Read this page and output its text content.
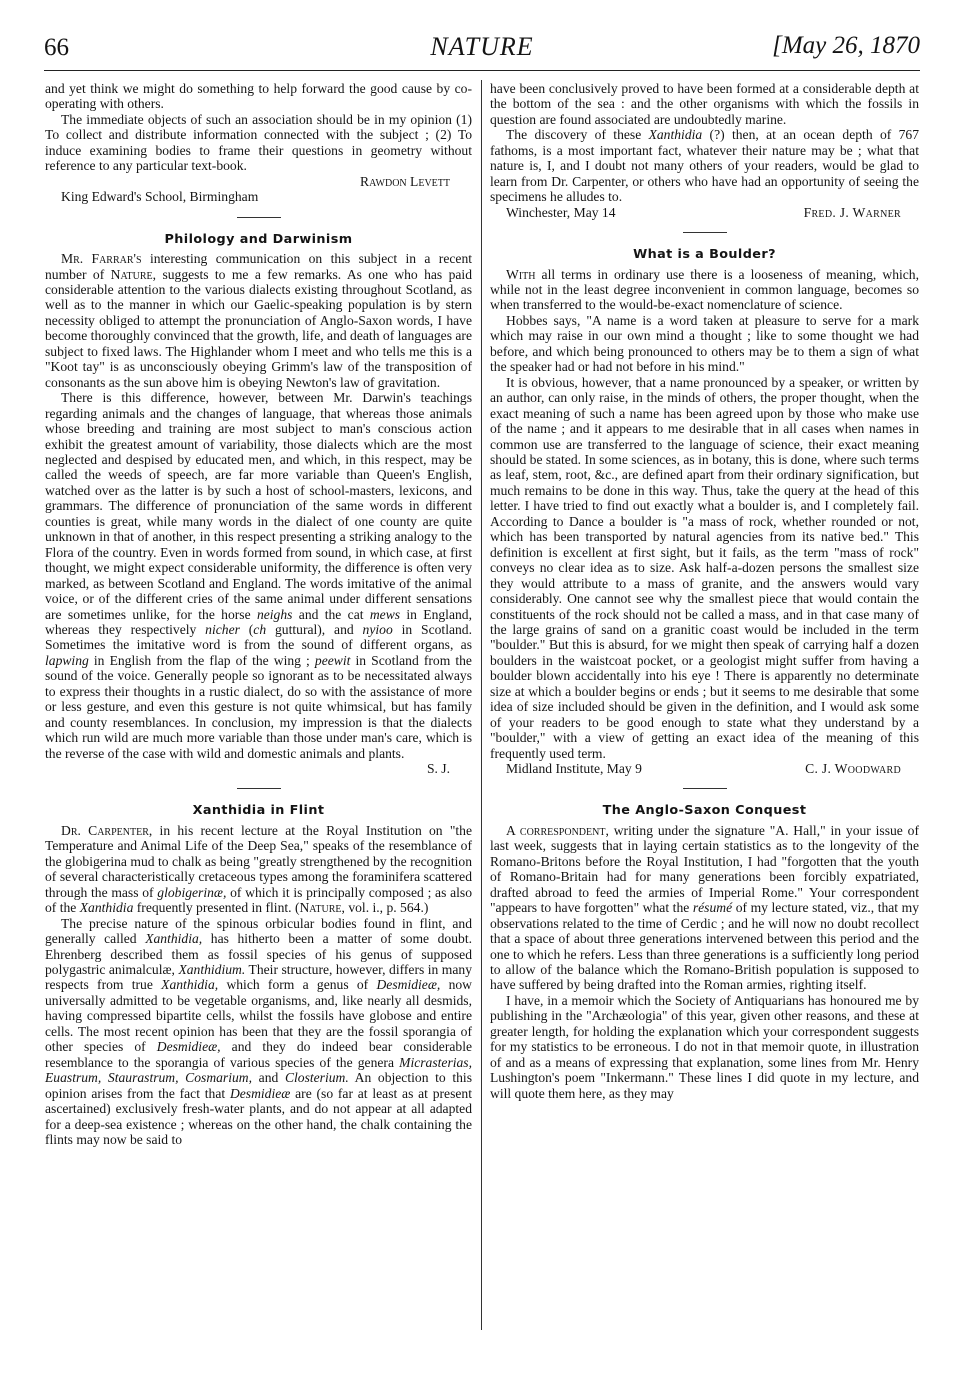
66	NATURE	[May 26, 1870

and yet think we might do something to help forward the good cause by co-operating with others.

The immediate objects of such an association should be in my opinion (1) To collect and distribute information connected with the subject ; (2) To induce examining bodies to frame their questions in geometry without reference to any particular text-book.

Rawdon Levett

King Edward's School, Birmingham

Philology and Darwinism

Mr. Farrar's interesting communication on this subject in a recent number of Nature, suggests to me a few remarks. As one who has paid considerable attention to the various dialects existing throughout Scotland, as well as to the manner in which our Gaelic-speaking population is by stern necessity obliged to attempt the pronunciation of Anglo-Saxon words, I have become thoroughly convinced that the growth, life, and death of languages are subject to fixed laws. The Highlander whom I meet and who tells me this is a "Koot tay" is as unconsciously obeying Grimm's law of the transposition of consonants as the sun above him is obeying Newton's law of gravitation.

There is this difference, however, between Mr. Darwin's teachings regarding animals and the changes of language, that whereas those animals whose breeding and training are most subject to man's conscious action exhibit the greatest amount of variability, those dialects which are the most neglected and despised by educated men, and which, in this respect, may be called the weeds of speech, are far more variable than Queen's English, watched over as the latter is by such a host of school-masters, lexicons, and grammars. The difference of pronunciation of the same words in different counties is great, while many words in the dialect of one county are quite unknown in that of another, in this respect presenting a striking analogy to the Flora of the country. Even in words formed from sound, in which case, at first thought, we might expect considerable uniformity, the difference is often very marked, as between Scotland and England. The words imitative of the animal voice, or of the different cries of the same animal under different sensations are sometimes unlike, for the horse neighs and the cat mews in England, whereas they respectively nicher (ch guttural), and nyioo in Scotland. Sometimes the imitative word is from the sound of different organs, as lapwing in English from the flap of the wing ; peewit in Scotland from the sound of the voice. Generally people so ignorant as to be necessitated always to express their thoughts in a rustic dialect, do so with the assistance of more or less gesture, and even this gesture is not quite whimsical, but has family and county resemblances. In conclusion, my impression is that the dialects which run wild are much more variable than those under man's care, which is the reverse of the case with wild and domestic animals and plants.

S. J.

Xanthidia in Flint

Dr. Carpenter, in his recent lecture at the Royal Institution on "the Temperature and Animal Life of the Deep Sea," speaks of the resemblance of the globigerina mud to chalk as being "greatly strengthened by the recognition of several characteristically cretaceous types among the foraminifera scattered through the mass of globigerinæ, of which it is principally composed ; as also of the Xanthidia frequently presented in flint. (Nature, vol. i., p. 564.)

The precise nature of the spinous orbicular bodies found in flint, and generally called Xanthidia, has hitherto been a matter of some doubt. Ehrenberg described them as fossil species of his genus of supposed polygastric animalculæ, Xanthidium. Their structure, however, differs in many respects from true Xanthidia, which form a genus of Desmidieæ, now universally admitted to be vegetable organisms, and, like nearly all desmids, having compressed bipartite cells, whilst the fossils have globose and entire cells. The most recent opinion has been that they are the fossil sporangia of other species of Desmidieæ, and they do indeed bear considerable resemblance to the sporangia of various species of the genera Micrasterias, Euastrum, Staurastrum, Cosmarium, and Closterium. An objection to this opinion arises from the fact that Desmidieæ are (so far at least as at present ascertained) exclusively fresh-water plants, and do not appear at all adapted for a deep-sea existence ; whereas on the other hand, the chalk containing the flints may now be said to

have been conclusively proved to have been formed at a considerable depth at the bottom of the sea : and the other organisms with which the fossils in question are found associated are undoubtedly marine.

The discovery of these Xanthidia (?) then, at an ocean depth of 767 fathoms, is a most important fact, whatever their nature may be ; what that nature is, I, and I doubt not many others of your readers, would be glad to learn from Dr. Carpenter, or others who have had an opportunity of seeing the specimens he alludes to.

Winchester, May 14	Fred. J. Warner

What is a Boulder?

With all terms in ordinary use there is a looseness of meaning, which, while not in the least degree inconvenient in common language, becomes so when transferred to the would-be-exact nomenclature of science.

Hobbes says, "A name is a word taken at pleasure to serve for a mark which may raise in our own mind a thought ; like to some thought we had before, and which being pronounced to others may be to them a sign of what the speaker had or had not before in his mind."

It is obvious, however, that a name pronounced by a speaker, or written by an author, can only raise, in the minds of others, the proper thought, when the exact meaning of such a name has been agreed upon by those who make use of the name ; and it appears to me desirable that in all cases when names in common use are transferred to the language of science, their exact meaning should be stated. In some sciences, as in botany, this is done, where such terms as leaf, stem, root, &c., are defined apart from their ordinary signification, but much remains to be done in this way. Thus, take the query at the head of this letter. I have tried to find out exactly what a boulder is, and I completely fail. According to Dance a boulder is "a mass of rock, whether rounded or not, which has been transported by natural agencies from its native bed." This definition is excellent at first sight, but it fails, as the term "mass of rock" conveys no clear idea as to size. Ask half-a-dozen persons the smallest size they would attribute to a mass of granite, and the answers would vary considerably. One cannot see why the smallest piece that would contain the constituents of the rock should not be called a mass, and in that case many of the large grains of sand on a granitic coast would be included in the term "boulder." But this is absurd, for we might then speak of carrying half a dozen boulders in the waistcoat pocket, or a geologist might suffer from having a boulder blown accidentally into his eye ! There is apparently no determinate size at which a boulder begins or ends ; but it seems to me desirable that some idea of size included should be given in the definition, and I would ask some of your readers to be good enough to state what they understand by a "boulder," with a view of getting an exact idea of the meaning of this frequently used term.

Midland Institute, May 9	C. J. Woodward

The Anglo-Saxon Conquest

A correspondent, writing under the signature "A. Hall," in your issue of last week, suggests that in laying certain statistics as to the longevity of the Romano-Britons before the Royal Institution, I had "forgotten that the youth of Romano-Britain had for many generations been forcibly expatriated, drafted abroad to feed the armies of Imperial Rome." Your correspondent "appears to have forgotten" what the résumé of my lecture stated, viz., that my observations related to the time of Cerdic ; and he will now no doubt recollect that a space of about three generations intervened between this period and the one to which he refers. Less than three generations is a sufficiently long period to allow of the balance which the Romano-British population is supposed to have suffered by being drafted into the Roman armies, righting itself.

I have, in a memoir which the Society of Antiquarians has honoured me by publishing in the "Archæologia" of this year, given other reasons, and these at greater length, for holding the explanation which your correspondent suggests for my statistics to be erroneous. I do not in that memoir quote, in illustration of and as a means of expressing that explanation, some lines from Mr. Henry Lushington's poem "Inkermann." These lines I did quote in my lecture, and will quote them here, as they may
